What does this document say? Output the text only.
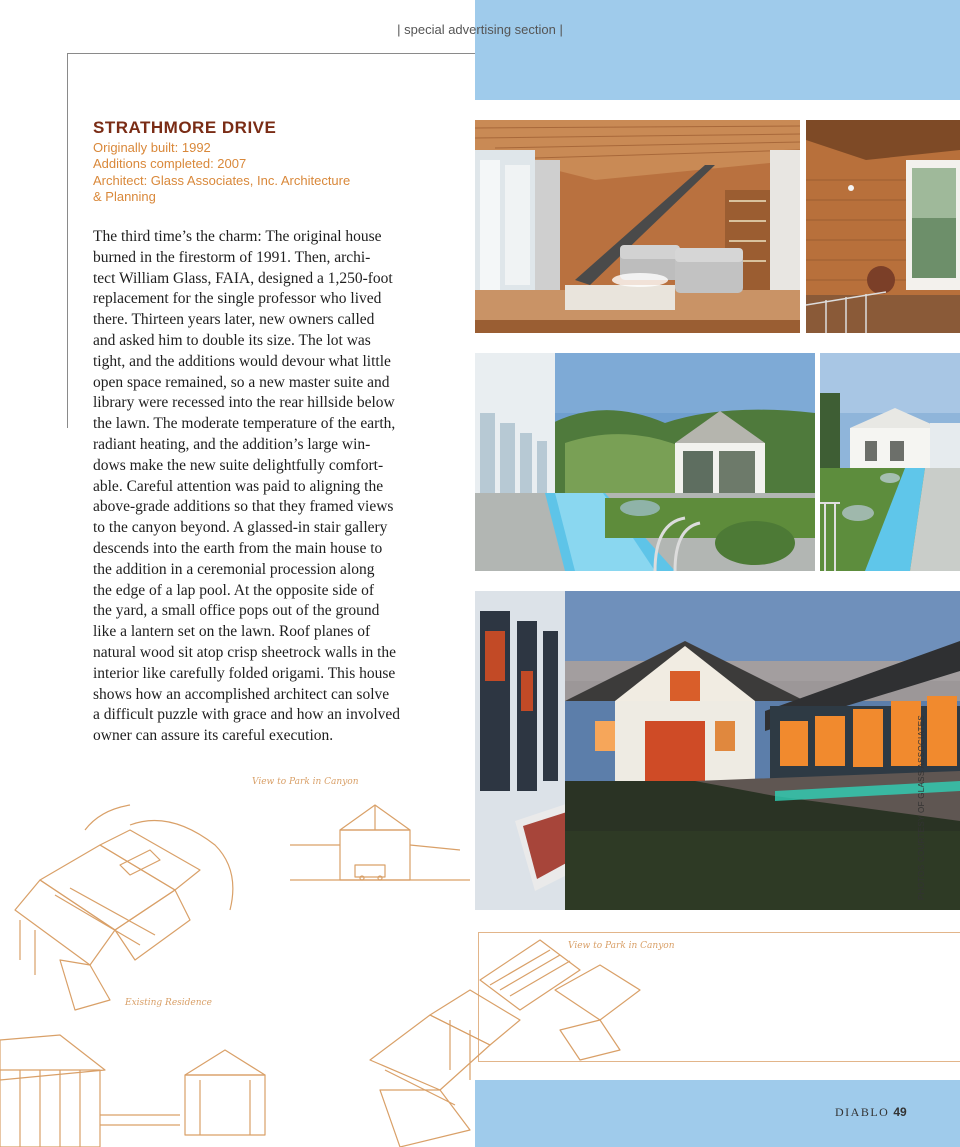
| special advertising section |
STRATHMORE DRIVE
Originally built: 1992
Additions completed: 2007
Architect: Glass Associates, Inc. Architecture
& Planning

The third time’s the charm: The original house

burned in the firestorm of 1991. Then, archi-

tect William Glass, FAIA, designed a 1,250-foot

replacement for the single professor who lived

there. Thirteen years later, new owners called

and asked him to double its size. The lot was

tight, and the additions would devour what little

open space remained, so a new master suite and

library were recessed into the rear hillside below

the lawn. The moderate temperature of the earth,

radiant heating, and the addition’s large win-

dows make the new suite delightfully comfort-

able. Careful attention was paid to aligning the

above-grade additions so that they framed views

to the canyon beyond. A glassed-in stair gallery

descends into the earth from the main house to

the addition in a ceremonial procession along

the edge of a lap pool. At the opposite side of

the yard, a small office pops out of the ground

like a lantern set on the lawn. Roof planes of

natural wood sit atop crisp sheetrock walls in the

interior like carefully folded origami. This house

shows how an accomplished architect can solve

a difficult puzzle with grace and how an involved

owner can assure its careful execution.	PHOTOS COURTESY OF GLASS ASSOCIATES
View to Park in Canyon
Existing Residence
View to Park in Canyon
DIABLO 49
